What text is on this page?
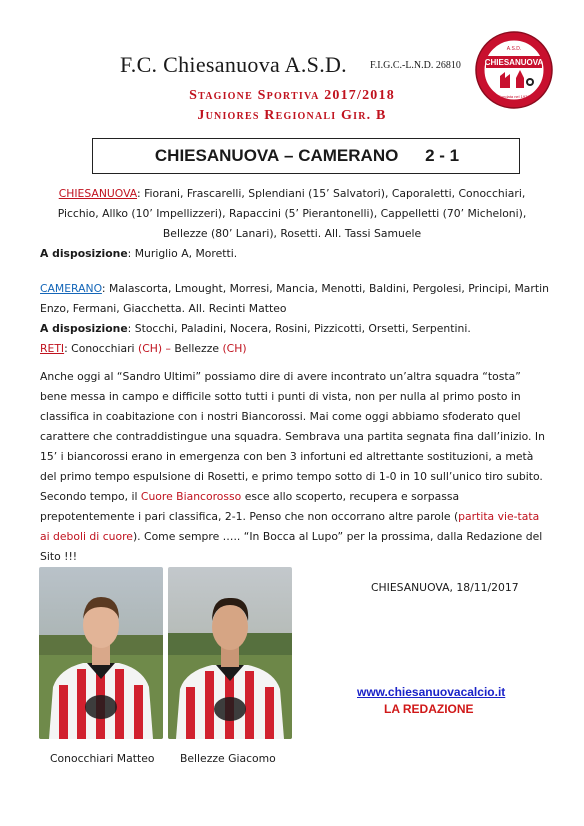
F.C. Chiesanuova A.S.D. F.I.G.C.-L.N.D. 26810	CHIESANUOVA
A.S.D.
Fondata nel 1930
Stagione Sportiva 2017/2018
Juniores Regionali Gir. B
CHIESANUOVA – CAMERANO 2 - 1
CHIESANUOVA: Fiorani, Frascarelli, Splendiani (15’ Salvatori), Caporaletti, Conocchiari, Picchio, Allko (10’ Impellizzeri), Rapaccini (5’ Pierantonelli), Cappelletti (70’ Micheloni), Bellezze (80’ Lanari), Rosetti. All. Tassi Samuele
A disposizione: Muriglio A, Moretti.
CAMERANO: Malascorta, Lmought, Morresi, Mancia, Menotti, Baldini, Pergolesi, Principi, Martin Enzo, Fermani, Giacchetta. All. Recinti Matteo
A disposizione: Stocchi, Paladini, Nocera, Rosini, Pizzicotti, Orsetti, Serpentini.
RETI: Conocchiari (CH) – Bellezze (CH)
Anche oggi al “Sandro Ultimi” possiamo dire di avere incontrato un’altra squadra “tosta” bene messa in campo e difficile sotto tutti i punti di vista, non per nulla al primo posto in classifica in coabitazione con i nostri Biancorossi. Mai come oggi abbiamo sfoderato quel carattere che contraddistingue una squadra. Sembrava una partita segnata fina dall’inizio. In 15’ i biancorossi erano in emergenza con ben 3 infortuni ed altrettante sostituzioni, a metà del primo tempo espulsione di Rosetti, e primo tempo sotto di 1-0 in 10 sull’unico tiro subito. Secondo tempo, il Cuore Biancorosso esce allo scoperto, recupera e sorpassa prepotentemente i pari classifica, 2-1. Penso che non occorrano altre parole (partita vie-tata ai deboli di cuore). Come sempre ….. “In Bocca al Lupo” per la prossima, dalla Redazione del Sito !!!
Conocchiari Matteo Bellezze Giacomo
CHIESANUOVA, 18/11/2017
www.chiesanuovacalcio.it
LA REDAZIONE
